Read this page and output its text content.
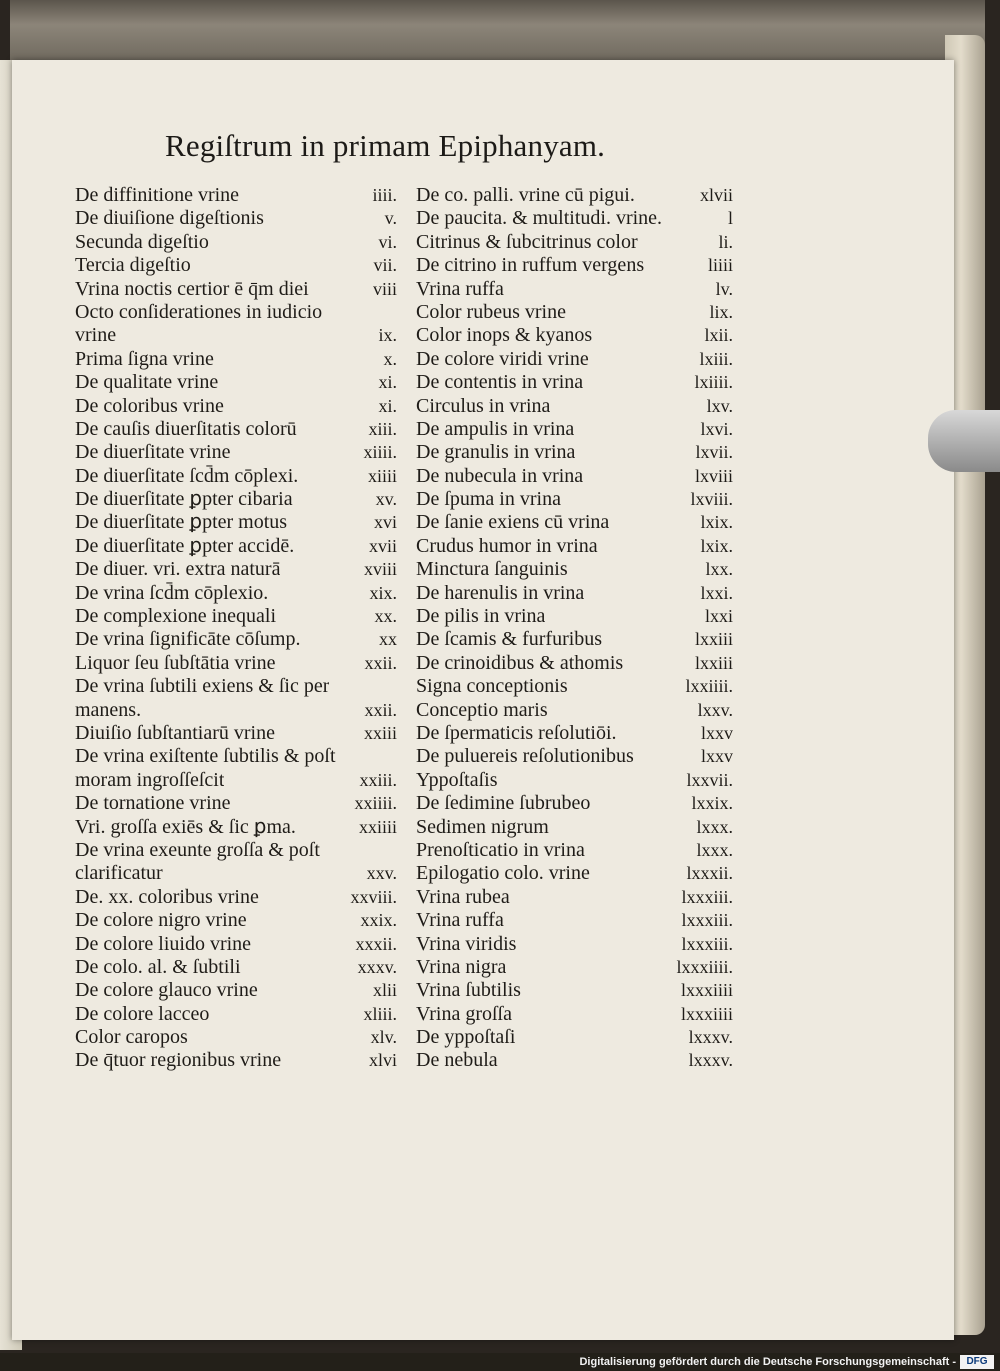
Regiſtrum in primam Epiphanyam.
De diffinitione vrine	iiii.
De diuiſione digeſtionis	v.
Secunda digeſtio	vi.
Tercia digeſtio	vii.
Vrina noctis certior ē q̄m diei	viii
Octo conſiderationes in iudicio
vrine	ix.
Prima ſigna vrine	x.
De qualitate vrine	xi.
De coloribus vrine	xi.
De cauſis diuerſitatis colorū	xiii.
De diuerſitate vrine	xiiii.
De diuerſitate ſcd̄m cōplexi.	xiiii
De diuerſitate ꝑpter cibaria	xv.
De diuerſitate ꝑpter motus	xvi
De diuerſitate ꝑpter accidē.	xvii
De diuer. vri. extra naturā	xviii
De vrina ſcd̄m cōplexio.	xix.
De complexione inequali	xx.
De vrina ſignificāte cōſump.	xx
Liquor ſeu ſubſtātia vrine	xxii.
De vrina ſubtili exiens & ſic per
manens.	xxii.
Diuiſio ſubſtantiarū vrine	xxiii
De vrina exiſtente ſubtilis & poſt
moram ingroſſeſcit	xxiii.
De tornatione vrine	xxiiii.
Vri. groſſa exiēs & ſic ꝑma.	xxiiii
De vrina exeunte groſſa & poſt
clarificatur	xxv.
De. xx. coloribus vrine	xxviii.
De colore nigro vrine	xxix.
De colore liuido vrine	xxxii.
De colo. al. & ſubtili	xxxv.
De colore glauco vrine	xlii
De colore lacceo	xliii.
Color caropos	xlv.
De q̄tuor regionibus vrine	xlvi
De co. palli. vrine cū pigui.	xlvii
De paucita. & multitudi. vrine.	l
Citrinus & ſubcitrinus color	li.
De citrino in ruffum vergens	liiii
Vrina ruffa	lv.
Color rubeus vrine	lix.
Color inops & kyanos	lxii.
De colore viridi vrine	lxiii.
De contentis in vrina	lxiiii.
Circulus in vrina	lxv.
De ampulis in vrina	lxvi.
De granulis in vrina	lxvii.
De nubecula in vrina	lxviii
De ſpuma in vrina	lxviii.
De ſanie exiens cū vrina	lxix.
Crudus humor in vrina	lxix.
Minctura ſanguinis	lxx.
De harenulis in vrina	lxxi.
De pilis in vrina	lxxi
De ſcamis & furfuribus	lxxiii
De crinoidibus & athomis	lxxiii
Signa conceptionis	lxxiiii.
Conceptio maris	lxxv.
De ſpermaticis reſolutiōi.	lxxv
De puluereis reſolutionibus	lxxv
Yppoſtaſis	lxxvii.
De ſedimine ſubrubeo	lxxix.
Sedimen nigrum	lxxx.
Prenoſticatio in vrina	lxxx.
Epilogatio colo. vrine	lxxxii.
Vrina rubea	lxxxiii.
Vrina ruffa	lxxxiii.
Vrina viridis	lxxxiii.
Vrina nigra	lxxxiiii.
Vrina ſubtilis	lxxxiiii
Vrina groſſa	lxxxiiii
De yppoſtaſi	lxxxv.
De nebula	lxxxv.
Digitalisierung gefördert durch die Deutsche Forschungsgemeinschaft -	DFG
